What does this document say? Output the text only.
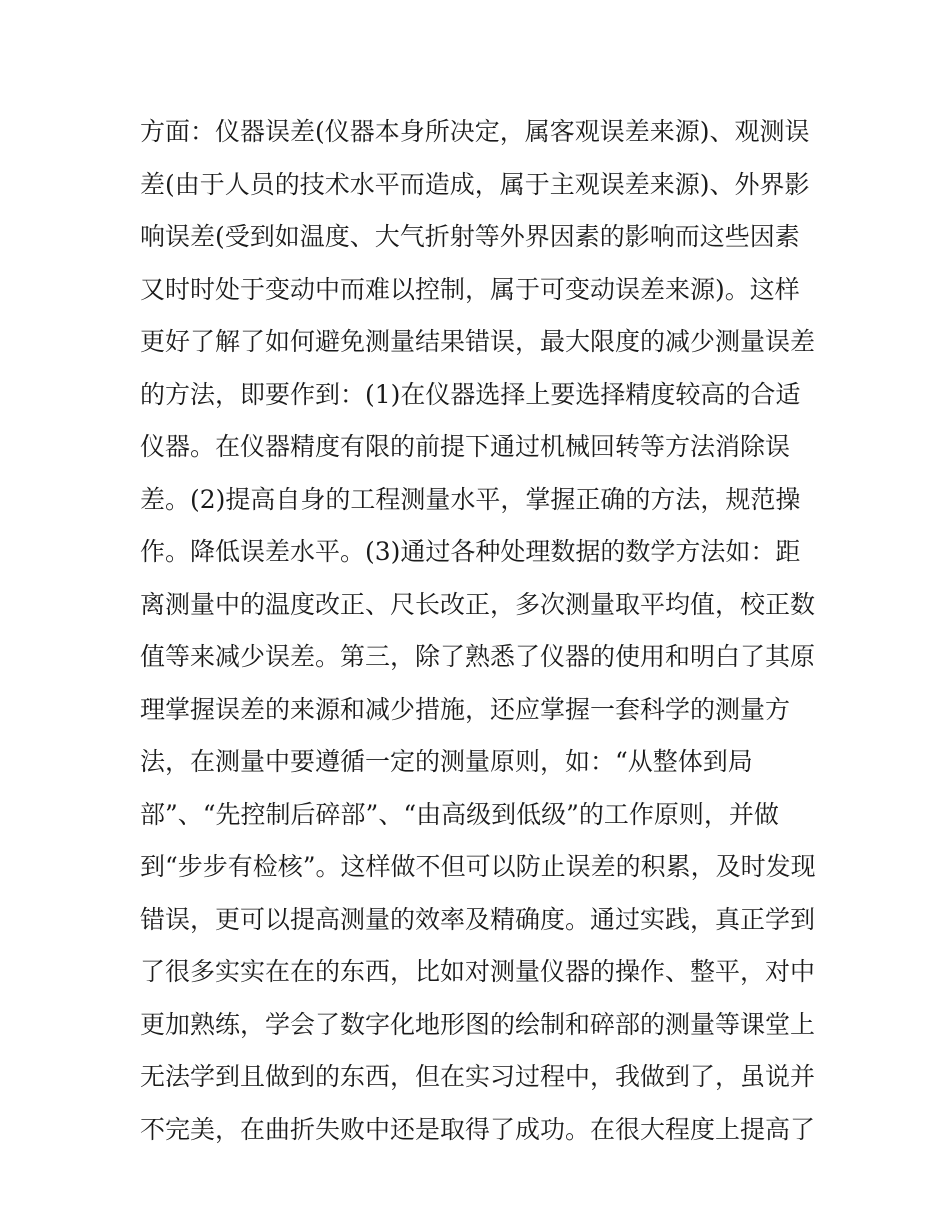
方面：仪器误差(仪器本身所决定，属客观误差来源)、观测误
差(由于人员的技术水平而造成，属于主观误差来源)、外界影
响误差(受到如温度、大气折射等外界因素的影响而这些因素
又时时处于变动中而难以控制，属于可变动误差来源)。这样
更好了解了如何避免测量结果错误，最大限度的减少测量误差
的方法，即要作到：(1)在仪器选择上要选择精度较高的合适
仪器。在仪器精度有限的前提下通过机械回转等方法消除误
差。(2)提高自身的工程测量水平，掌握正确的方法，规范操
作。降低误差水平。(3)通过各种处理数据的数学方法如：距
离测量中的温度改正、尺长改正，多次测量取平均值，校正数
值等来减少误差。第三，除了熟悉了仪器的使用和明白了其原
理掌握误差的来源和减少措施，还应掌握一套科学的测量方
法，在测量中要遵循一定的测量原则，如：“从整体到局
部”、“先控制后碎部”、“由高级到低级”的工作原则，并做
到“步步有检核”。这样做不但可以防止误差的积累，及时发现
错误，更可以提高测量的效率及精确度。通过实践，真正学到
了很多实实在在的东西，比如对测量仪器的操作、整平，对中
更加熟练，学会了数字化地形图的绘制和碎部的测量等课堂上
无法学到且做到的东西，但在实习过程中，我做到了，虽说并
不完美，在曲折失败中还是取得了成功。在很大程度上提高了
